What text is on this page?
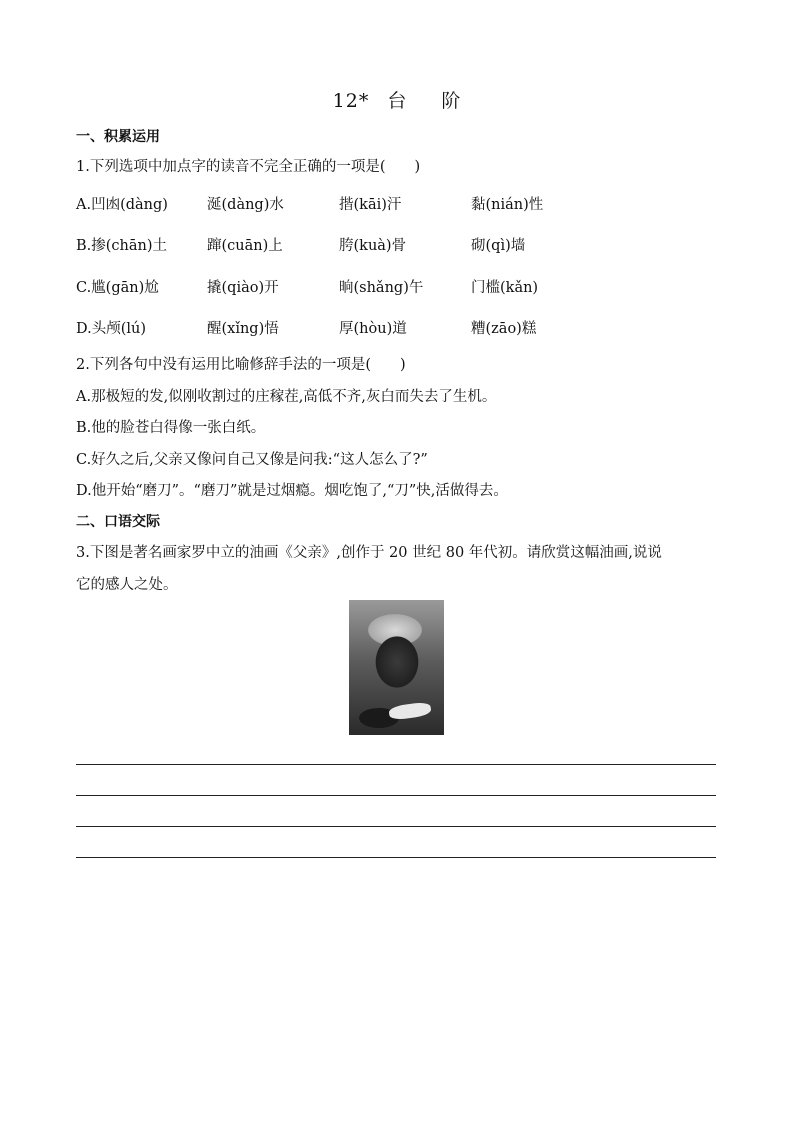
12* 台 阶
一、积累运用
1.下列选项中加点字的读音不完全正确的一项是(　　)
A.凹凼(dàng)	涎(dàng)水	揩(kāi)汗	黏(nián)性
B.掺(chān)土	蹿(cuān)上	胯(kuà)骨	砌(qì)墙
C.尴(gān)尬	撬(qiào)开	晌(shǎng)午	门槛(kǎn)
D.头颅(lú)	醒(xǐng)悟	厚(hòu)道	糟(zāo)糕
2.下列各句中没有运用比喻修辞手法的一项是(　　)
A.那极短的发,似刚收割过的庄稼茬,高低不齐,灰白而失去了生机。
B.他的脸苍白得像一张白纸。
C.好久之后,父亲又像问自己又像是问我:“这人怎么了?”
D.他开始“磨刀”。“磨刀”就是过烟瘾。烟吃饱了,“刀”快,活做得去。
二、口语交际
3.下图是著名画家罗中立的油画《父亲》,创作于 20 世纪 80 年代初。请欣赏这幅油画,说说
它的感人之处。
